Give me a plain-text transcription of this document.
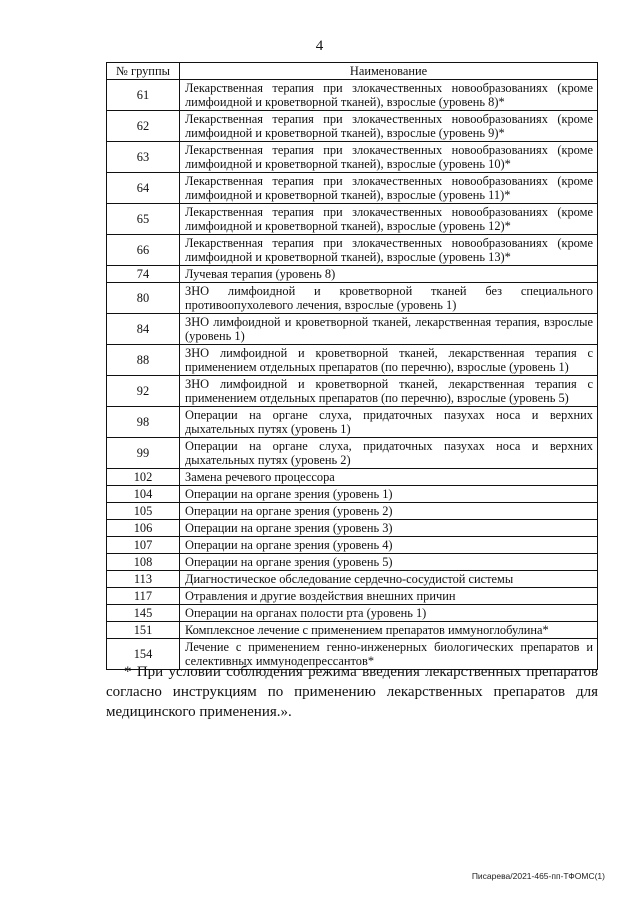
4
№ группы	Наименование
61	Лекарственная терапия при злокачественных новообразованиях (кроме лимфоидной и кроветворной тканей), взрослые (уровень 8)*
62	Лекарственная терапия при злокачественных новообразованиях (кроме лимфоидной и кроветворной тканей), взрослые (уровень 9)*
63	Лекарственная терапия при злокачественных новообразованиях (кроме лимфоидной и кроветворной тканей), взрослые (уровень 10)*
64	Лекарственная терапия при злокачественных новообразованиях (кроме лимфоидной и кроветворной тканей), взрослые (уровень 11)*
65	Лекарственная терапия при злокачественных новообразованиях (кроме лимфоидной и кроветворной тканей), взрослые (уровень 12)*
66	Лекарственная терапия при злокачественных новообразованиях (кроме лимфоидной и кроветворной тканей), взрослые (уровень 13)*
74	Лучевая терапия (уровень 8)
80	ЗНО лимфоидной и кроветворной тканей без специального противоопухолевого лечения, взрослые (уровень 1)
84	ЗНО лимфоидной и кроветворной тканей, лекарственная терапия, взрослые (уровень 1)
88	ЗНО лимфоидной и кроветворной тканей, лекарственная терапия с применением отдельных препаратов (по перечню), взрослые (уровень 1)
92	ЗНО лимфоидной и кроветворной тканей, лекарственная терапия с применением отдельных препаратов (по перечню), взрослые (уровень 5)
98	Операции на органе слуха, придаточных пазухах носа и верхних дыхательных путях (уровень 1)
99	Операции на органе слуха, придаточных пазухах носа и верхних дыхательных путях (уровень 2)
102	Замена речевого процессора
104	Операции на органе зрения (уровень 1)
105	Операции на органе зрения (уровень 2)
106	Операции на органе зрения (уровень 3)
107	Операции на органе зрения (уровень 4)
108	Операции на органе зрения (уровень 5)
113	Диагностическое обследование сердечно-сосудистой системы
117	Отравления и другие воздействия внешних причин
145	Операции на органах полости рта (уровень 1)
151	Комплексное лечение с применением препаратов иммуноглобулина*
154	Лечение с применением генно-инженерных биологических препаратов и селективных иммунодепрессантов*
* При условии соблюдения режима введения лекарственных препаратов
согласно инструкциям по применению лекарственных препаратов для
медицинского применения.».
Писарева/2021-465-пп-ТФОМС(1)
